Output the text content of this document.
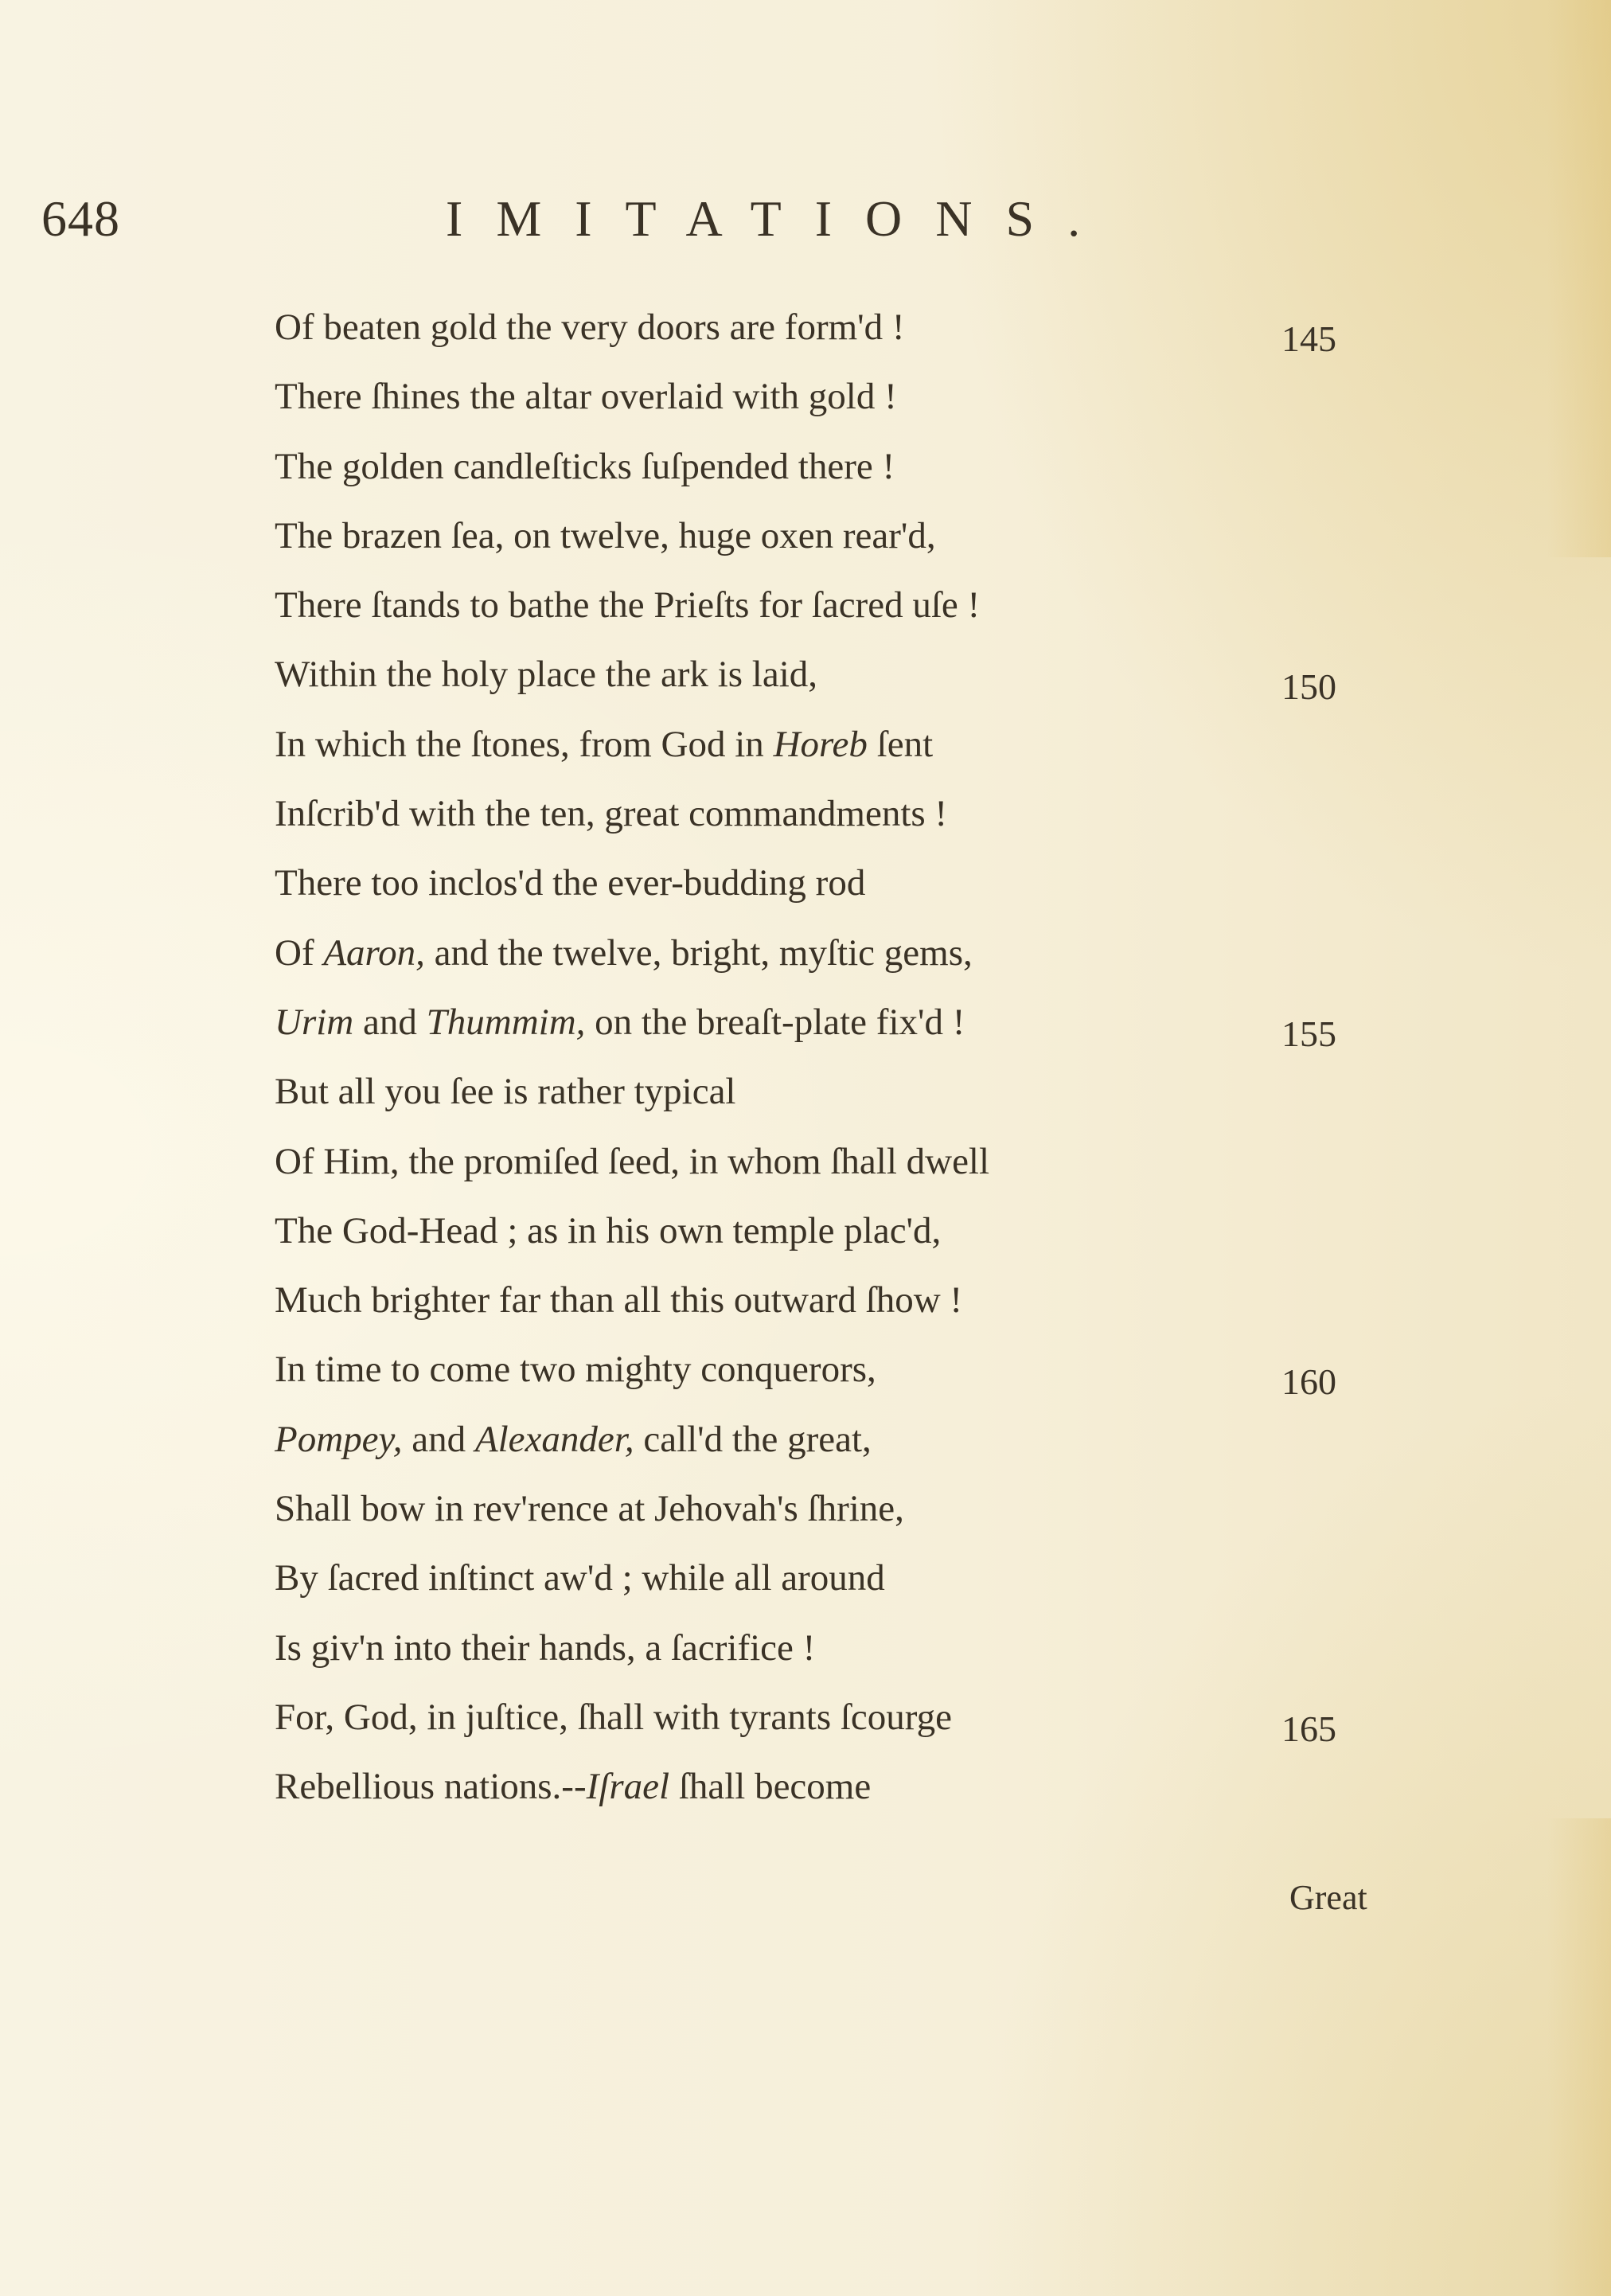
648	IMITATIONS.
Of beaten gold the very doors are form'd !
There ſhines the altar overlaid with gold !
The golden candleſticks ſuſpended there !
The brazen ſea, on twelve, huge oxen rear'd,
There ſtands to bathe the Prieſts for ſacred uſe !
Within the holy place the ark is laid,
In which the ſtones, from God in Horeb ſent
Inſcrib'd with the ten, great commandments !
There too inclos'd the ever-budding rod
Of Aaron, and the twelve, bright, myſtic gems,
Urim and Thummim, on the breaſt-plate fix'd !
But all you ſee is rather typical
Of Him, the promiſed ſeed, in whom ſhall dwell
The God-Head ; as in his own temple plac'd,
Much brighter far than all this outward ſhow !
In time to come two mighty conquerors,
Pompey, and Alexander, call'd the great,
Shall bow in rev'rence at Jehovah's ſhrine,
By ſacred inſtinct aw'd ; while all around
Is giv'n into their hands, a ſacrifice !
For, God, in juſtice, ſhall with tyrants ſcourge
Rebellious nations.--Iſrael ſhall become
145
150
155
160
165
Great
